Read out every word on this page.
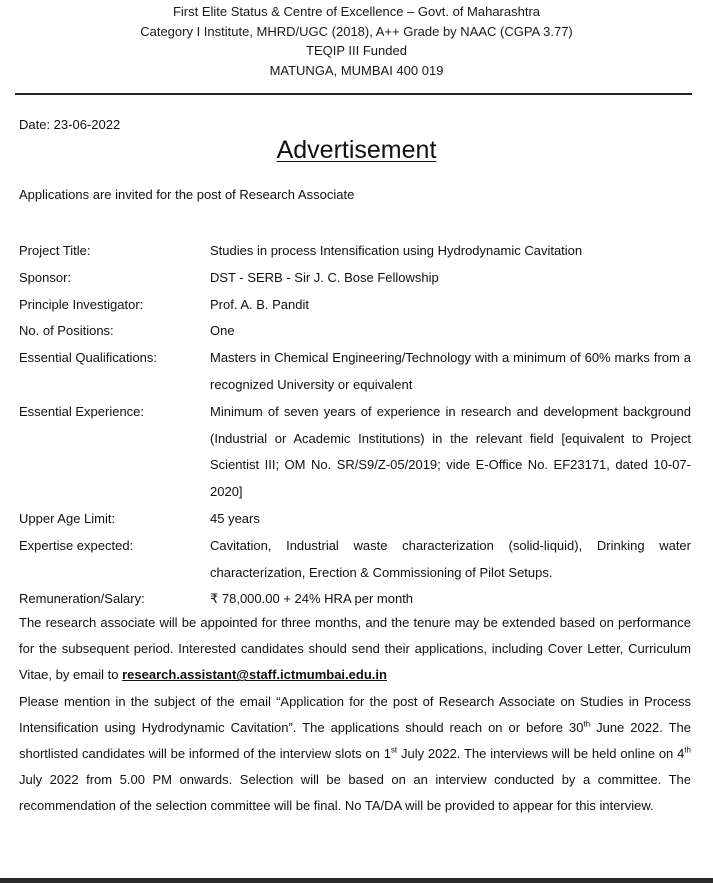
First Elite Status & Centre of Excellence – Govt. of Maharashtra
Category I Institute, MHRD/UGC (2018), A++ Grade by NAAC (CGPA 3.77)
TEQIP III Funded
MATUNGA, MUMBAI 400 019
Date: 23-06-2022
Advertisement
Applications are invited for the post of Research Associate
Project Title:	Studies in process Intensification using Hydrodynamic Cavitation
Sponsor:	DST - SERB - Sir J. C. Bose Fellowship
Principle Investigator:	Prof. A. B. Pandit
No. of Positions:	One
Essential Qualifications:	Masters in Chemical Engineering/Technology with a minimum of 60% marks from a recognized University or equivalent
Essential Experience:	Minimum of seven years of experience in research and development background (Industrial or Academic Institutions) in the relevant field [equivalent to Project Scientist III; OM No. SR/S9/Z-05/2019; vide E-Office No. EF23171, dated 10-07-2020]
Upper Age Limit:	45 years
Expertise expected:	Cavitation, Industrial waste characterization (solid-liquid), Drinking water characterization, Erection & Commissioning of Pilot Setups.
Remuneration/Salary:	₹ 78,000.00 + 24% HRA per month

The research associate will be appointed for three months, and the tenure may be extended based on performance for the subsequent period. Interested candidates should send their applications, including Cover Letter, Curriculum Vitae, by email to research.assistant@staff.ictmumbai.edu.in

Please mention in the subject of the email “Application for the post of Research Associate on Studies in Process Intensification using Hydrodynamic Cavitation”. The applications should reach on or before 30th June 2022. The shortlisted candidates will be informed of the interview slots on 1st July 2022. The interviews will be held online on 4th July 2022 from 5.00 PM onwards. Selection will be based on an interview conducted by a committee. The recommendation of the selection committee will be final. No TA/DA will be provided to appear for this interview.
